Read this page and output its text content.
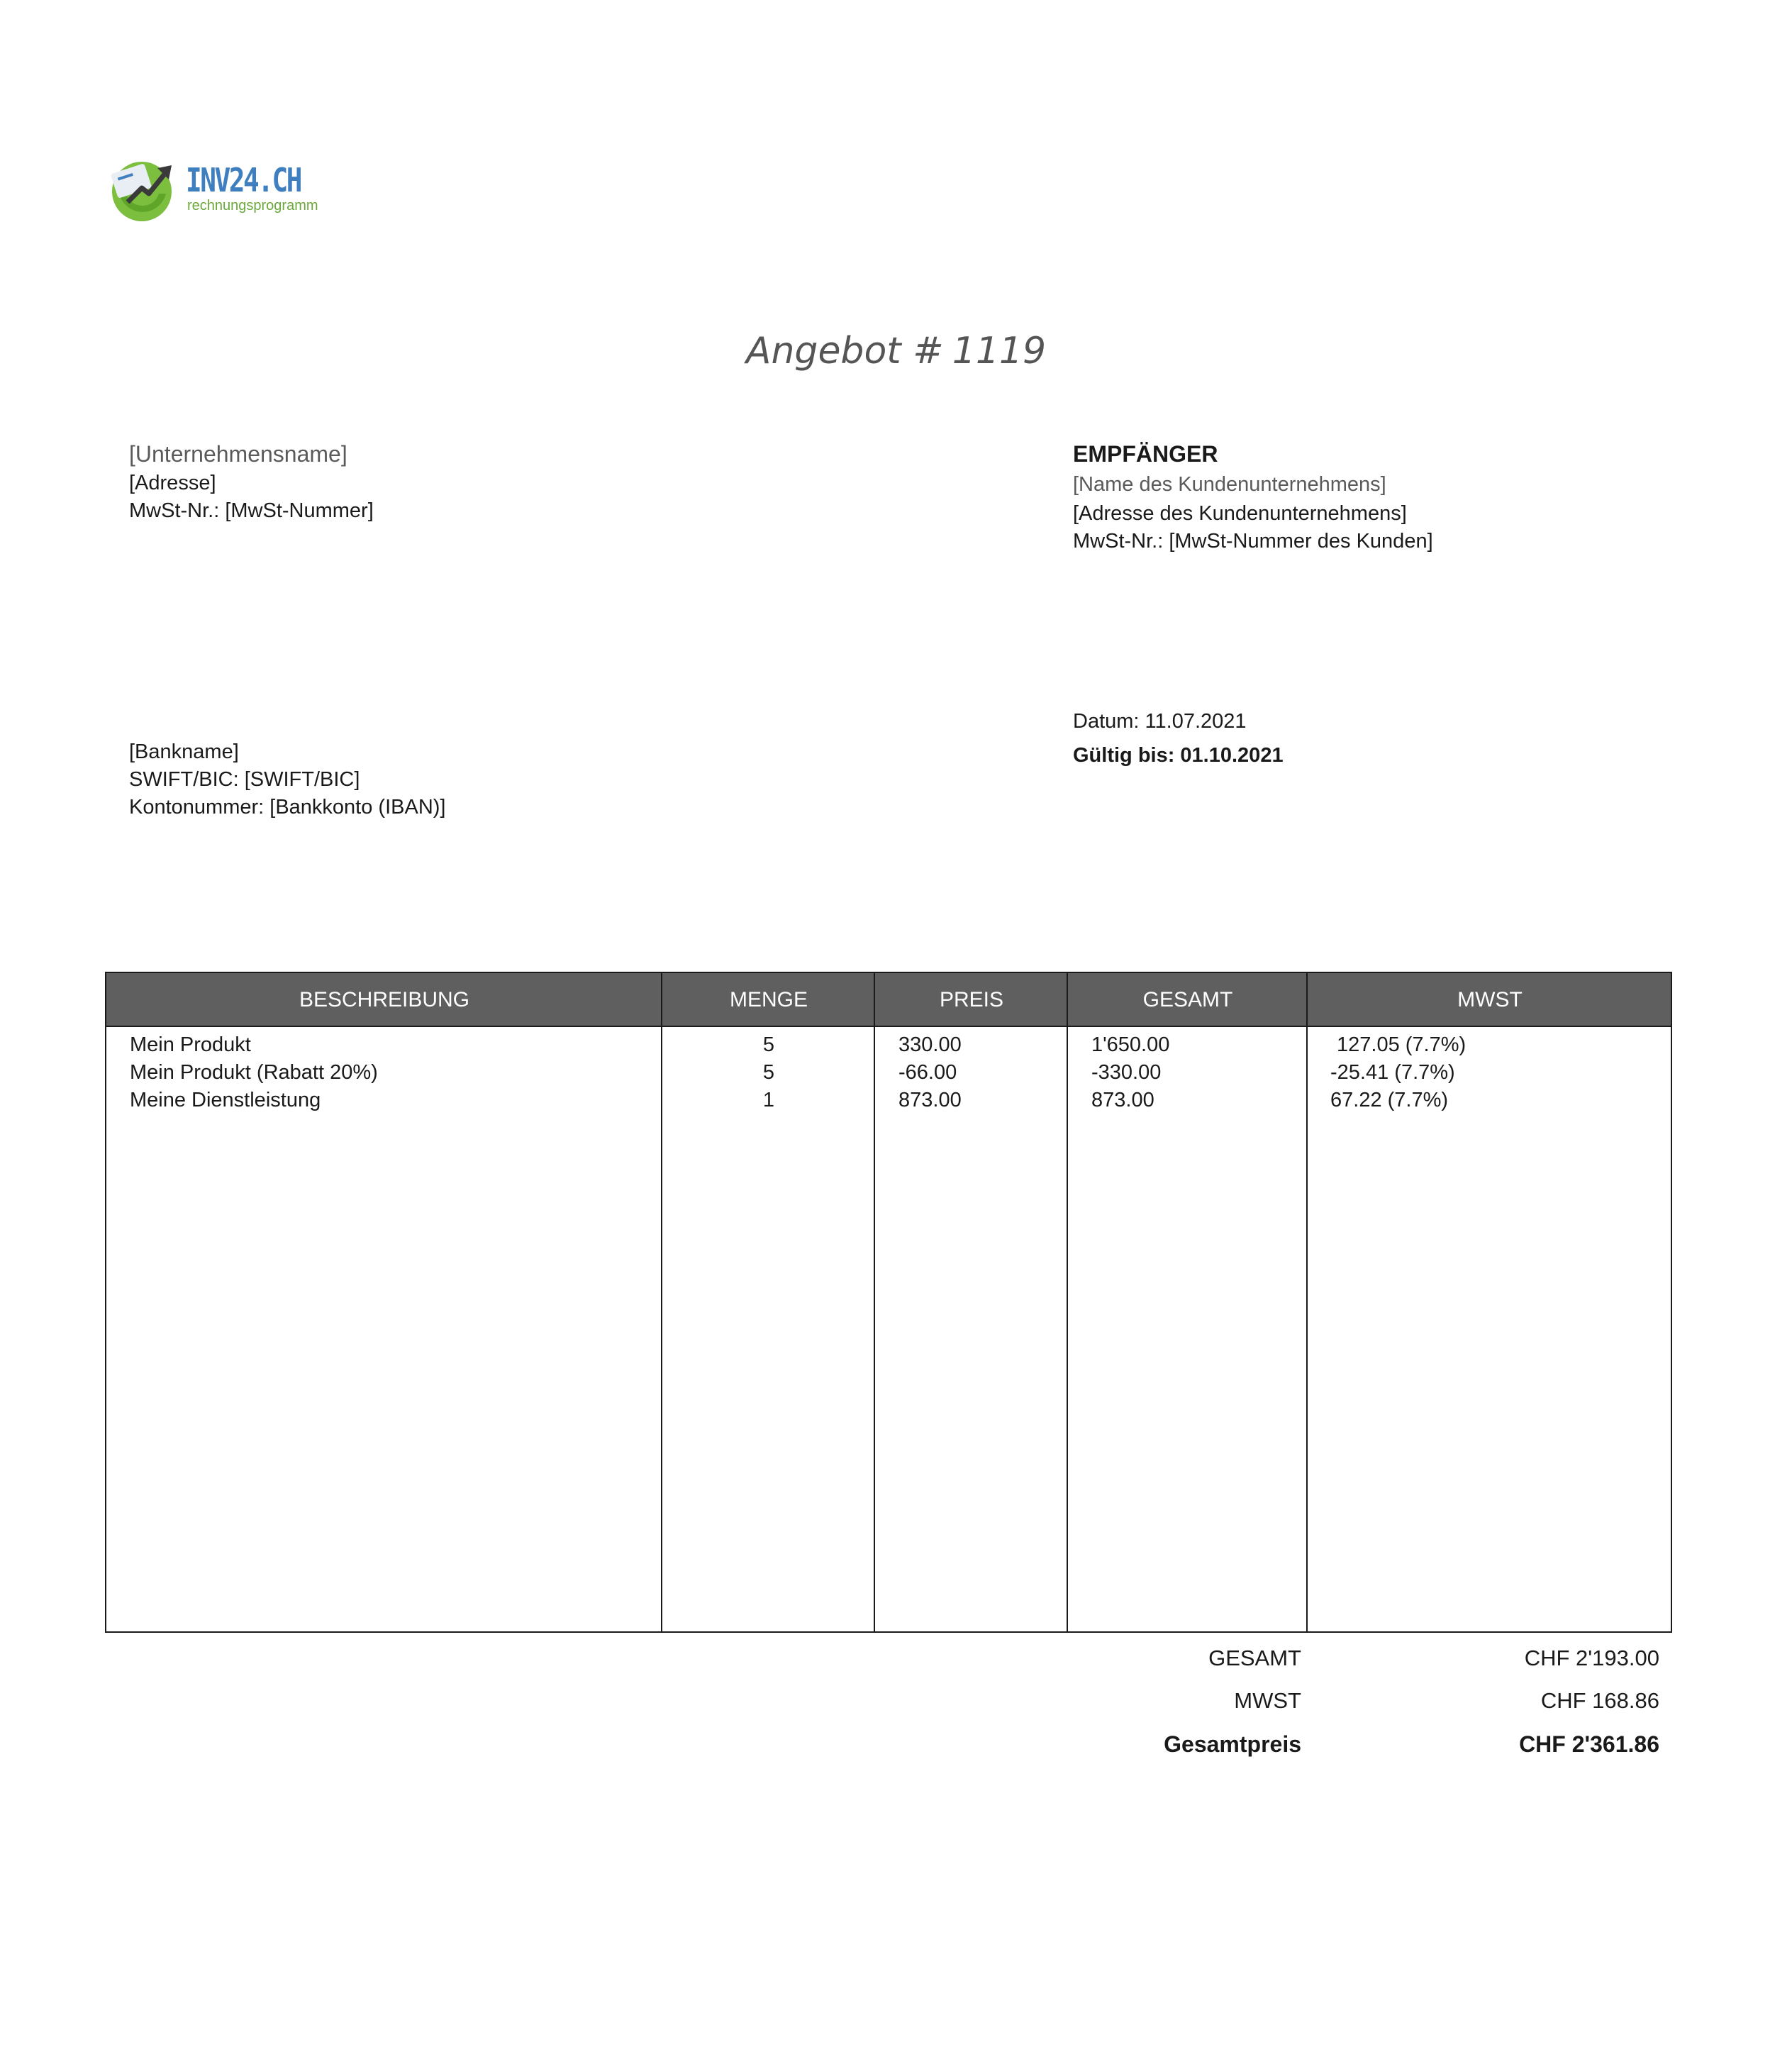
INV24.CH
rechnungsprogramm
Angebot # 1119
[Unternehmensname]
[Adresse]
MwSt-Nr.: [MwSt-Nummer]
EMPFÄNGER
[Name des Kundenunternehmens]
[Adresse des Kundenunternehmens]
MwSt-Nr.: [MwSt-Nummer des Kunden]
[Bankname]
SWIFT/BIC: [SWIFT/BIC]
Kontonummer: [Bankkonto (IBAN)]
Datum: 11.07.2021
Gültig bis: 01.10.2021
BESCHREIBUNG	MENGE	PREIS	GESAMT	MWST
Mein Produkt	5	330.00	1'650.00	127.05 (7.7%)
Mein Produkt (Rabatt 20%)	5	-66.00	-330.00	-25.41 (7.7%)
Meine Dienstleistung	1	873.00	873.00	67.22 (7.7%)
GESAMT	CHF 2'193.00
MWST	CHF 168.86
Gesamtpreis	CHF 2'361.86
